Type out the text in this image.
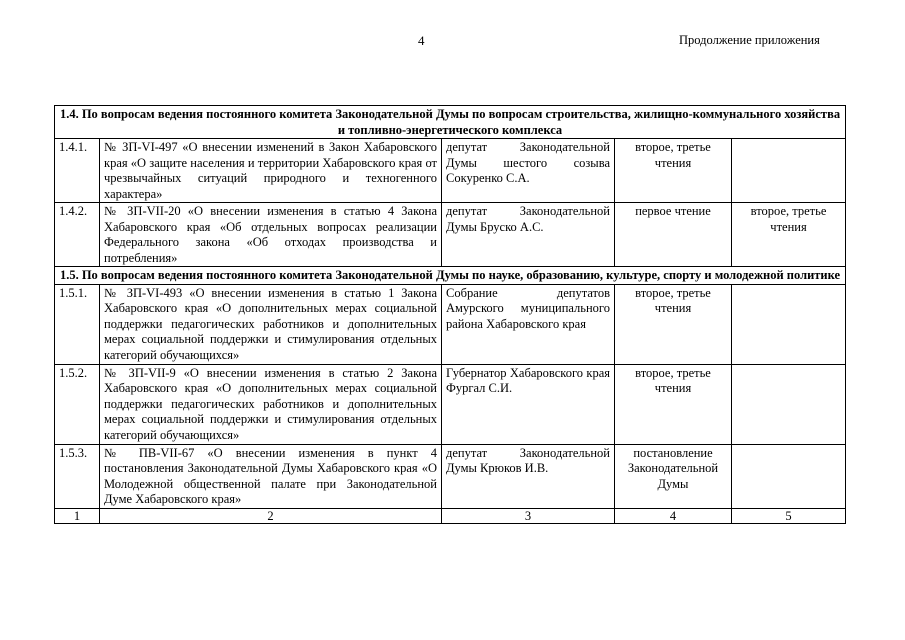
4	Продолжение приложения
1.4. По вопросам ведения постоянного комитета Законодательной Думы по вопросам строительства, жилищно-коммунального хозяйства и топливно-энергетического комплекса				
1.4.1.	№ ЗП-VI-497 «О внесении изменений в Закон Хабаровского края «О защите населения и территории Хабаровского края от чрезвычайных ситуаций природного и техногенного характера»	депутат Законодательной Думы шестого созыва Сокуренко С.А.	второе, третье чтения	
1.4.2.	№ ЗП-VII-20 «О внесении изменения в статью 4 Закона Хабаровского края «Об отдельных вопросах реализации Федерального закона «Об отходах производства и потребления»	депутат Законодательной Думы Бруско А.С.	первое чтение	второе, третье чтения
1.5. По вопросам ведения постоянного комитета Законодательной Думы по науке, образованию, культуре, спорту и молодежной политике				
1.5.1.	№ ЗП-VI-493 «О внесении изменения в статью 1 Закона Хабаровского края «О дополнительных мерах социальной поддержки педагогических работников и дополнительных мерах социальной поддержки и стимулирования отдельных категорий обучающихся»	Собрание депутатов Амурского муниципального района Хабаровского края	второе, третье чтения	
1.5.2.	№ ЗП-VII-9 «О внесении изменения в статью 2 Закона Хабаровского края «О дополнительных мерах социальной поддержки педагогических работников и дополнительных мерах социальной поддержки и стимулирования отдельных категорий обучающихся»	Губернатор Хабаровского края Фургал С.И.	второе, третье чтения	
1.5.3.	№ ПВ-VII-67 «О внесении изменения в пункт 4 постановления Законодательной Думы Хабаровского края «О Молодежной общественной палате при Законодательной Думе Хабаровского края»	депутат Законодательной Думы Крюков И.В.	постановление Законодательной Думы	
1	2	3	4	5
